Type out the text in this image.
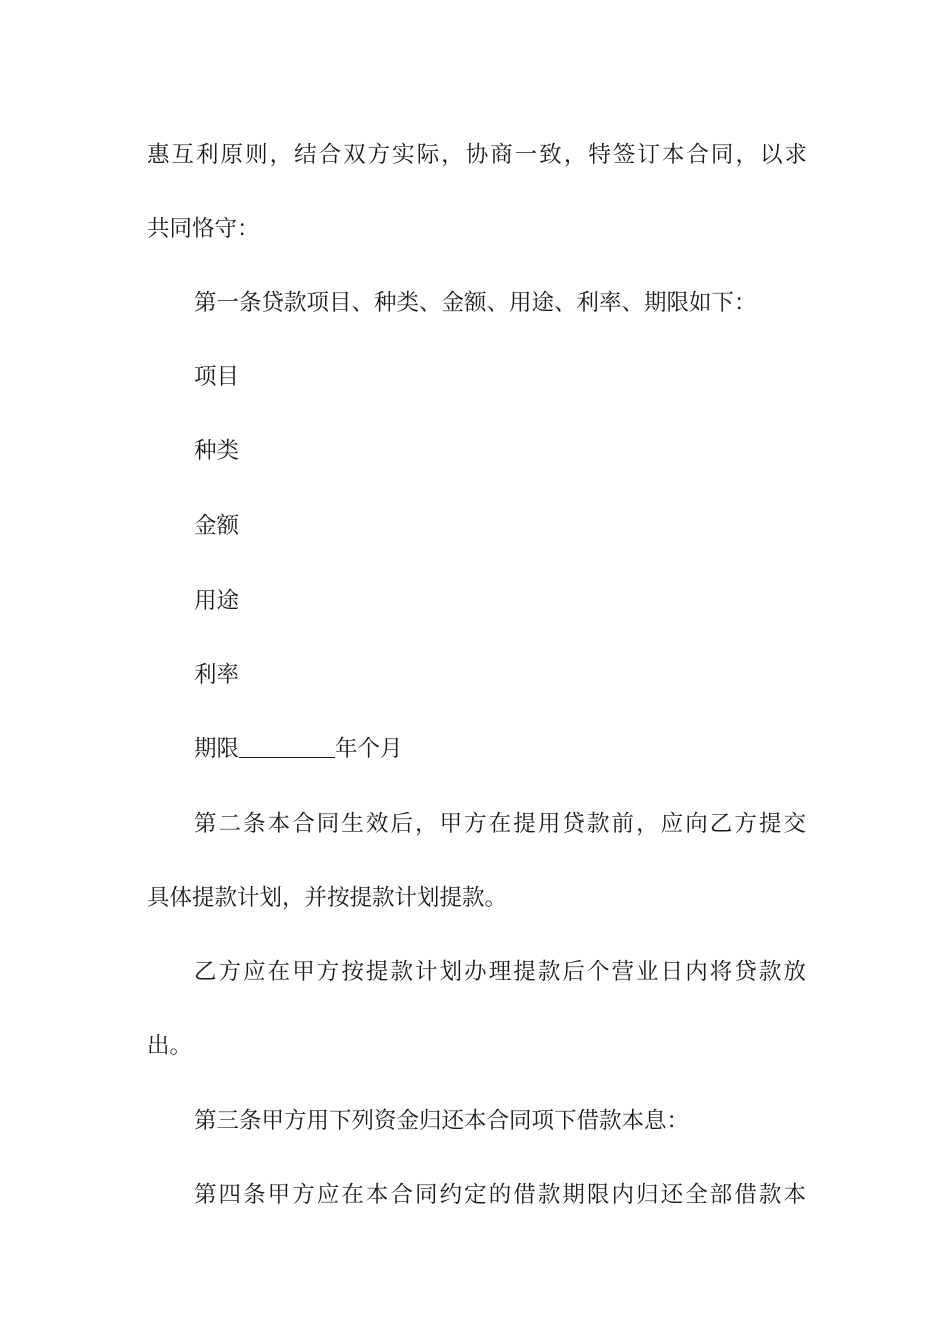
惠互利原则，结合双方实际，协商一致，特签订本合同，以求
共同恪守：
第一条贷款项目、种类、金额、用途、利率、期限如下：
项目
种类
金额
用途
利率
期限	年个月
第二条本合同生效后，甲方在提用贷款前，应向乙方提交
具体提款计划，并按提款计划提款。
乙方应在甲方按提款计划办理提款后个营业日内将贷款放
出。
第三条甲方用下列资金归还本合同项下借款本息：
第四条甲方应在本合同约定的借款期限内归还全部借款本
